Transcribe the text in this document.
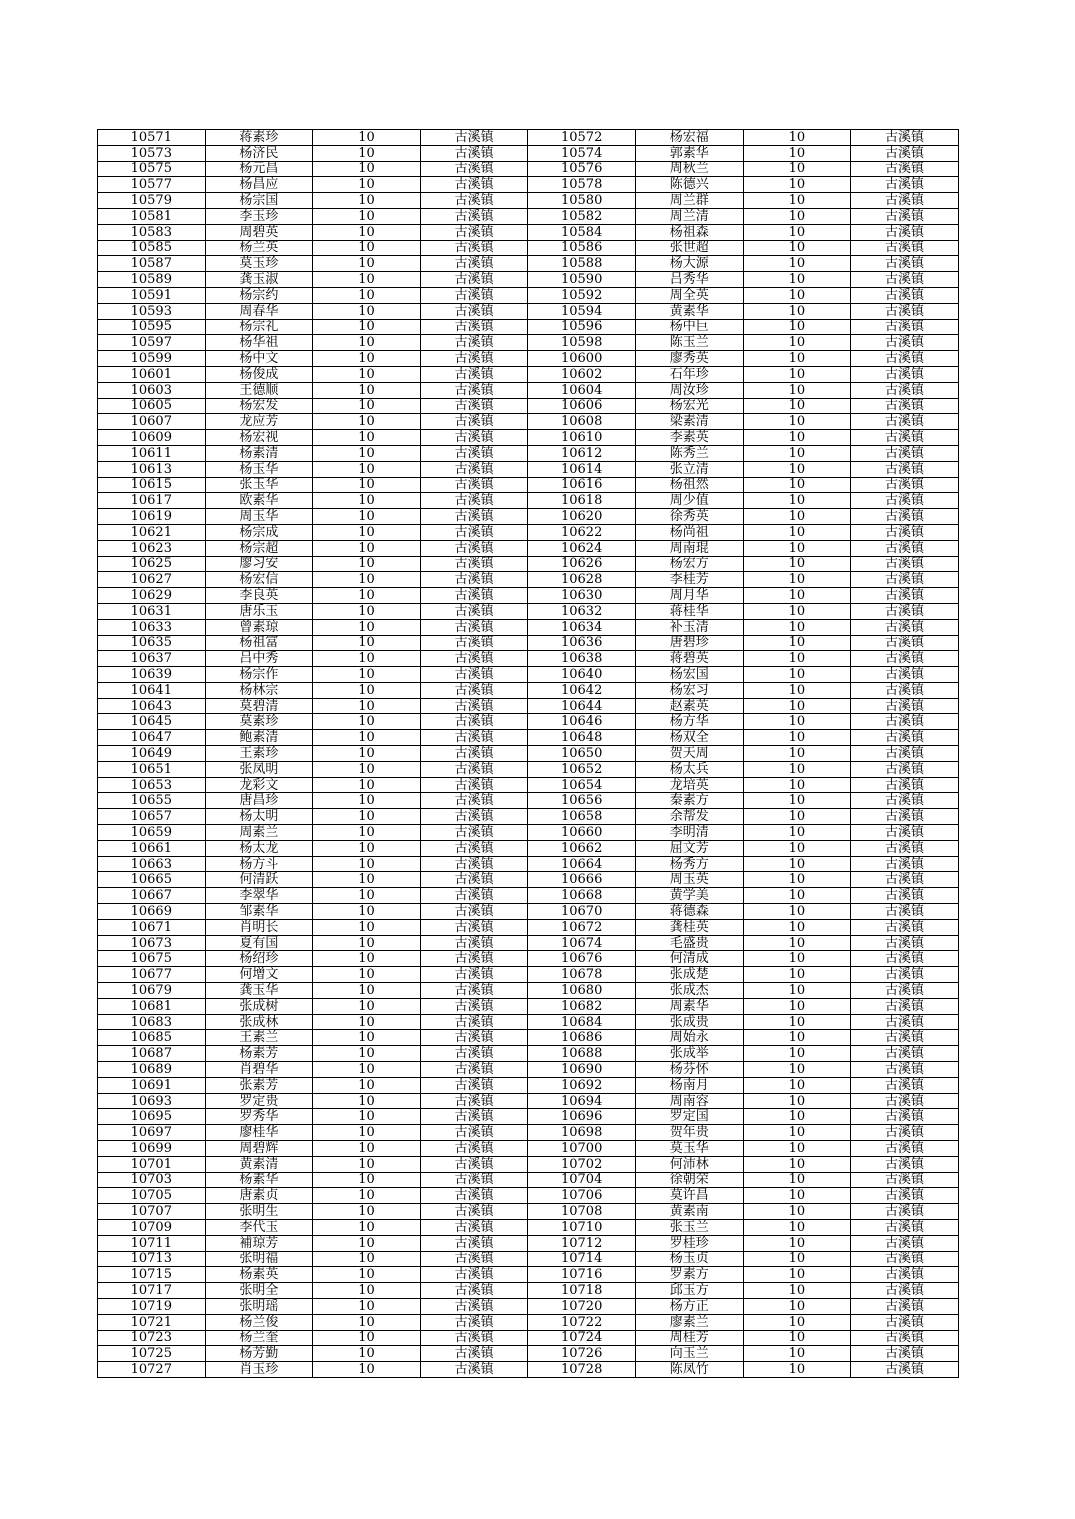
10571	蒋素珍	10	古溪镇	10572	杨宏福	10	古溪镇
10573	杨济民	10	古溪镇	10574	郭素华	10	古溪镇
10575	杨元昌	10	古溪镇	10576	周秋兰	10	古溪镇
10577	杨昌应	10	古溪镇	10578	陈德兴	10	古溪镇
10579	杨宗国	10	古溪镇	10580	周兰群	10	古溪镇
10581	李玉珍	10	古溪镇	10582	周兰清	10	古溪镇
10583	周碧英	10	古溪镇	10584	杨祖森	10	古溪镇
10585	杨兰英	10	古溪镇	10586	张世超	10	古溪镇
10587	莫玉珍	10	古溪镇	10588	杨大源	10	古溪镇
10589	龚玉淑	10	古溪镇	10590	吕秀华	10	古溪镇
10591	杨宗约	10	古溪镇	10592	周全英	10	古溪镇
10593	周春华	10	古溪镇	10594	黄素华	10	古溪镇
10595	杨宗礼	10	古溪镇	10596	杨中巨	10	古溪镇
10597	杨华祖	10	古溪镇	10598	陈玉兰	10	古溪镇
10599	杨中文	10	古溪镇	10600	廖秀英	10	古溪镇
10601	杨俊成	10	古溪镇	10602	石年珍	10	古溪镇
10603	王德顺	10	古溪镇	10604	周汝珍	10	古溪镇
10605	杨宏发	10	古溪镇	10606	杨宏光	10	古溪镇
10607	龙应芳	10	古溪镇	10608	梁素清	10	古溪镇
10609	杨宏视	10	古溪镇	10610	李素英	10	古溪镇
10611	杨素清	10	古溪镇	10612	陈秀兰	10	古溪镇
10613	杨玉华	10	古溪镇	10614	张立清	10	古溪镇
10615	张玉华	10	古溪镇	10616	杨祖然	10	古溪镇
10617	欧素华	10	古溪镇	10618	周少值	10	古溪镇
10619	周玉华	10	古溪镇	10620	徐秀英	10	古溪镇
10621	杨宗成	10	古溪镇	10622	杨尚祖	10	古溪镇
10623	杨宗超	10	古溪镇	10624	周南琨	10	古溪镇
10625	廖习安	10	古溪镇	10626	杨宏方	10	古溪镇
10627	杨宏信	10	古溪镇	10628	李桂芳	10	古溪镇
10629	李良英	10	古溪镇	10630	周月华	10	古溪镇
10631	唐乐玉	10	古溪镇	10632	蒋桂华	10	古溪镇
10633	曾素琼	10	古溪镇	10634	补玉清	10	古溪镇
10635	杨祖富	10	古溪镇	10636	唐碧珍	10	古溪镇
10637	吕中秀	10	古溪镇	10638	蒋碧英	10	古溪镇
10639	杨宗作	10	古溪镇	10640	杨宏国	10	古溪镇
10641	杨林宗	10	古溪镇	10642	杨宏习	10	古溪镇
10643	莫碧清	10	古溪镇	10644	赵素英	10	古溪镇
10645	莫素珍	10	古溪镇	10646	杨方华	10	古溪镇
10647	鲍素清	10	古溪镇	10648	杨双全	10	古溪镇
10649	王素珍	10	古溪镇	10650	贺天周	10	古溪镇
10651	张凤明	10	古溪镇	10652	杨太兵	10	古溪镇
10653	龙彩文	10	古溪镇	10654	龙培英	10	古溪镇
10655	唐昌珍	10	古溪镇	10656	秦素方	10	古溪镇
10657	杨太明	10	古溪镇	10658	余帮发	10	古溪镇
10659	周素兰	10	古溪镇	10660	李明清	10	古溪镇
10661	杨太龙	10	古溪镇	10662	屈文芳	10	古溪镇
10663	杨方斗	10	古溪镇	10664	杨秀方	10	古溪镇
10665	何清跃	10	古溪镇	10666	周玉英	10	古溪镇
10667	李翠华	10	古溪镇	10668	黄学美	10	古溪镇
10669	邹素华	10	古溪镇	10670	蒋德森	10	古溪镇
10671	肖明长	10	古溪镇	10672	龚桂英	10	古溪镇
10673	夏有国	10	古溪镇	10674	毛盛贵	10	古溪镇
10675	杨绍珍	10	古溪镇	10676	何清成	10	古溪镇
10677	何增文	10	古溪镇	10678	张成楚	10	古溪镇
10679	龚玉华	10	古溪镇	10680	张成杰	10	古溪镇
10681	张成树	10	古溪镇	10682	周素华	10	古溪镇
10683	张成林	10	古溪镇	10684	张成贵	10	古溪镇
10685	王素兰	10	古溪镇	10686	周始永	10	古溪镇
10687	杨素芳	10	古溪镇	10688	张成举	10	古溪镇
10689	肖碧华	10	古溪镇	10690	杨芬怀	10	古溪镇
10691	张素芳	10	古溪镇	10692	杨南月	10	古溪镇
10693	罗定贵	10	古溪镇	10694	周南容	10	古溪镇
10695	罗秀华	10	古溪镇	10696	罗定国	10	古溪镇
10697	廖桂华	10	古溪镇	10698	贺年贵	10	古溪镇
10699	周碧辉	10	古溪镇	10700	莫玉华	10	古溪镇
10701	黄素清	10	古溪镇	10702	何沛林	10	古溪镇
10703	杨素华	10	古溪镇	10704	徐朝荣	10	古溪镇
10705	唐素贞	10	古溪镇	10706	莫许昌	10	古溪镇
10707	张明生	10	古溪镇	10708	黄素南	10	古溪镇
10709	李代玉	10	古溪镇	10710	张玉兰	10	古溪镇
10711	補琼芳	10	古溪镇	10712	罗桂珍	10	古溪镇
10713	张明福	10	古溪镇	10714	杨玉贞	10	古溪镇
10715	杨素英	10	古溪镇	10716	罗素方	10	古溪镇
10717	张明全	10	古溪镇	10718	邱玉方	10	古溪镇
10719	张明瑶	10	古溪镇	10720	杨方正	10	古溪镇
10721	杨兰俊	10	古溪镇	10722	廖素兰	10	古溪镇
10723	杨兰奎	10	古溪镇	10724	周桂芳	10	古溪镇
10725	杨芳勤	10	古溪镇	10726	向玉兰	10	古溪镇
10727	肖玉珍	10	古溪镇	10728	陈凤竹	10	古溪镇
